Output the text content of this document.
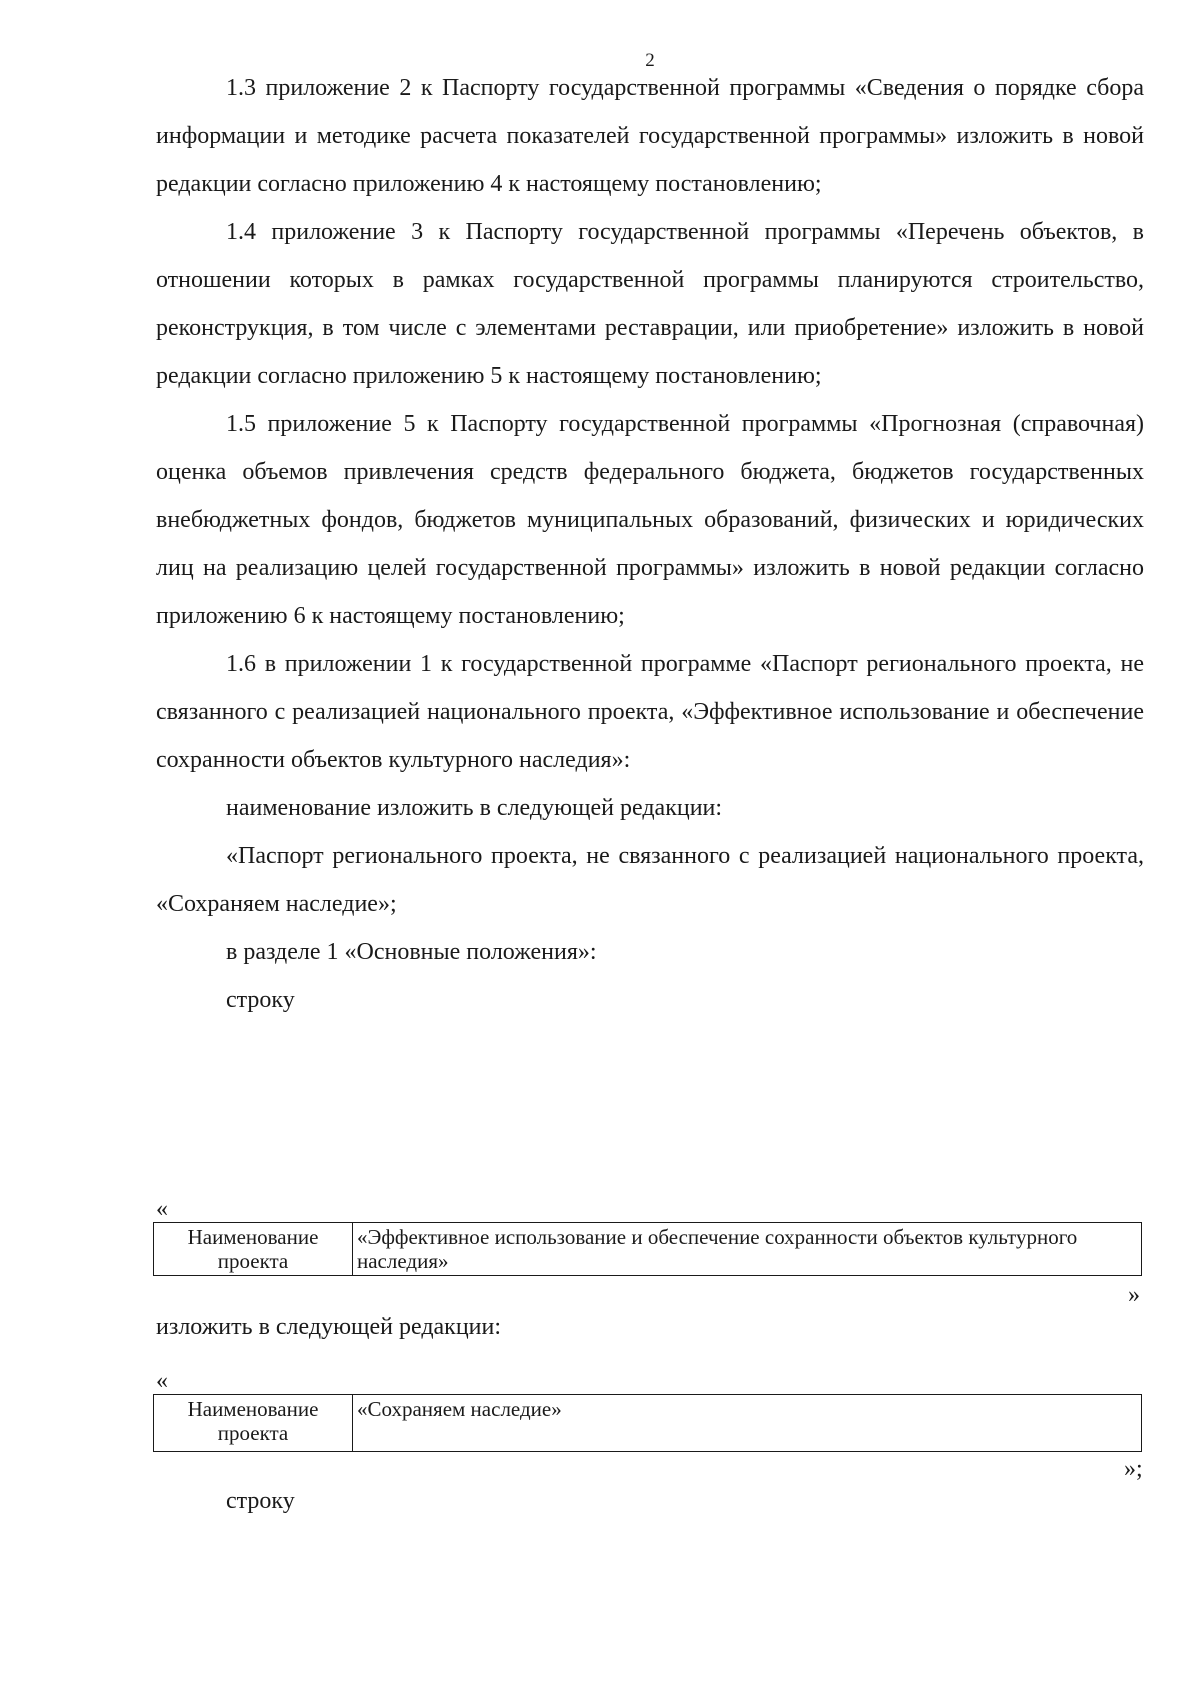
2

1.3 приложение 2 к Паспорту государственной программы «Сведения о порядке сбора информации и методике расчета показателей государственной программы» изложить в новой редакции согласно приложению 4 к настоящему постановлению;

1.4 приложение 3 к Паспорту государственной программы «Перечень объектов, в отношении которых в рамках государственной программы планируются строительство, реконструкция, в том числе с элементами реставрации, или приобретение» изложить в новой редакции согласно приложению 5 к настоящему постановлению;

1.5 приложение 5 к Паспорту государственной программы «Прогнозная (справочная) оценка объемов привлечения средств федерального бюджета, бюджетов государственных внебюджетных фондов, бюджетов муниципальных образований, физических и юридических лиц на реализацию целей государственной программы» изложить в новой редакции согласно приложению 6 к настоящему постановлению;

1.6 в приложении 1 к государственной программе «Паспорт регионального проекта, не связанного с реализацией национального проекта, «Эффективное использование и обеспечение сохранности объектов культурного наследия»:

наименование изложить в следующей редакции:

«Паспорт регионального проекта, не связанного с реализацией национального проекта, «Сохраняем наследие»;

в разделе 1 «Основные положения»:

строку

«
Наименование проекта	«Эффективное использование и обеспечение сохранности объектов культурного наследия»
»
изложить в следующей редакции:
«
Наименование проекта	«Сохраняем наследие»
»;
строку
